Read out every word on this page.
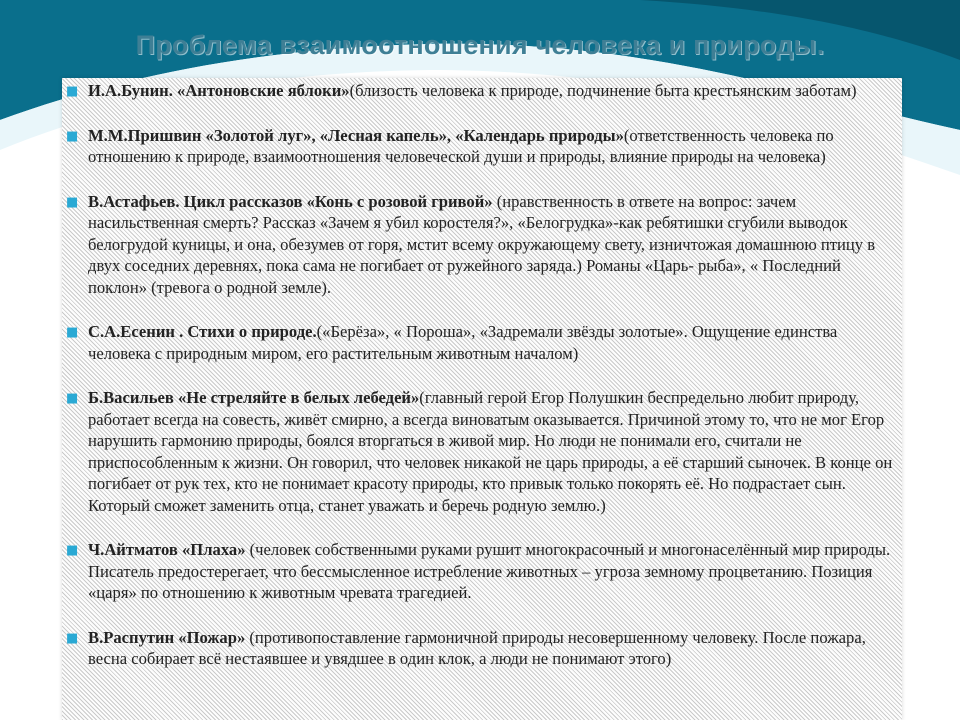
Проблема взаимоотношения человека и природы.
■ И.А.Бунин. «Антоновские яблоки»(близость человека к природе, подчинение быта крестьянским заботам)
■ М.М.Пришвин «Золотой луг», «Лесная капель», «Календарь природы»(ответственность человека по отношению к природе, взаимоотношения человеческой души и природы, влияние природы на человека)
■ В.Астафьев. Цикл рассказов «Конь с розовой гривой» (нравственность в ответе на вопрос: зачем насильственная смерть? Рассказ «Зачем я убил коростеля?», «Белогрудка»-как ребятишки сгубили выводок белогрудой куницы, и она, обезумев от горя, мстит всему окружающему свету, изничтожая домашнюю птицу в двух соседних деревнях, пока сама не погибает от ружейного заряда.) Романы «Царь- рыба», « Последний поклон» (тревога о родной земле).
■ С.А.Есенин . Стихи о природе.(«Берёза», « Пороша», «Задремали звёзды золотые». Ощущение единства человека с природным миром, его растительным животным началом)
■ Б.Васильев «Не стреляйте в белых лебедей»(главный герой Егор Полушкин беспредельно любит природу, работает всегда на совесть, живёт смирно, а всегда виноватым оказывается. Причиной этому то, что не мог Егор нарушить гармонию природы, боялся вторгаться в живой мир. Но люди не понимали его, считали не приспособленным к жизни. Он говорил, что человек никакой не царь природы, а её старший сыночек. В конце он погибает от рук тех, кто не понимает красоту природы, кто привык только покорять её. Но подрастает сын. Который сможет заменить отца, станет уважать и беречь родную землю.)
■ Ч.Айтматов «Плаха» (человек собственными руками рушит многокрасочный и многонаселённый мир природы. Писатель предостерегает, что бессмысленное истребление животных – угроза земному процветанию. Позиция «царя» по отношению к животным чревата трагедией.
■ В.Распутин «Пожар» (противопоставление гармоничной природы несовершенному человеку. После пожара, весна собирает всё нестаявшее и увядшее в один клок, а люди не понимают этого)
